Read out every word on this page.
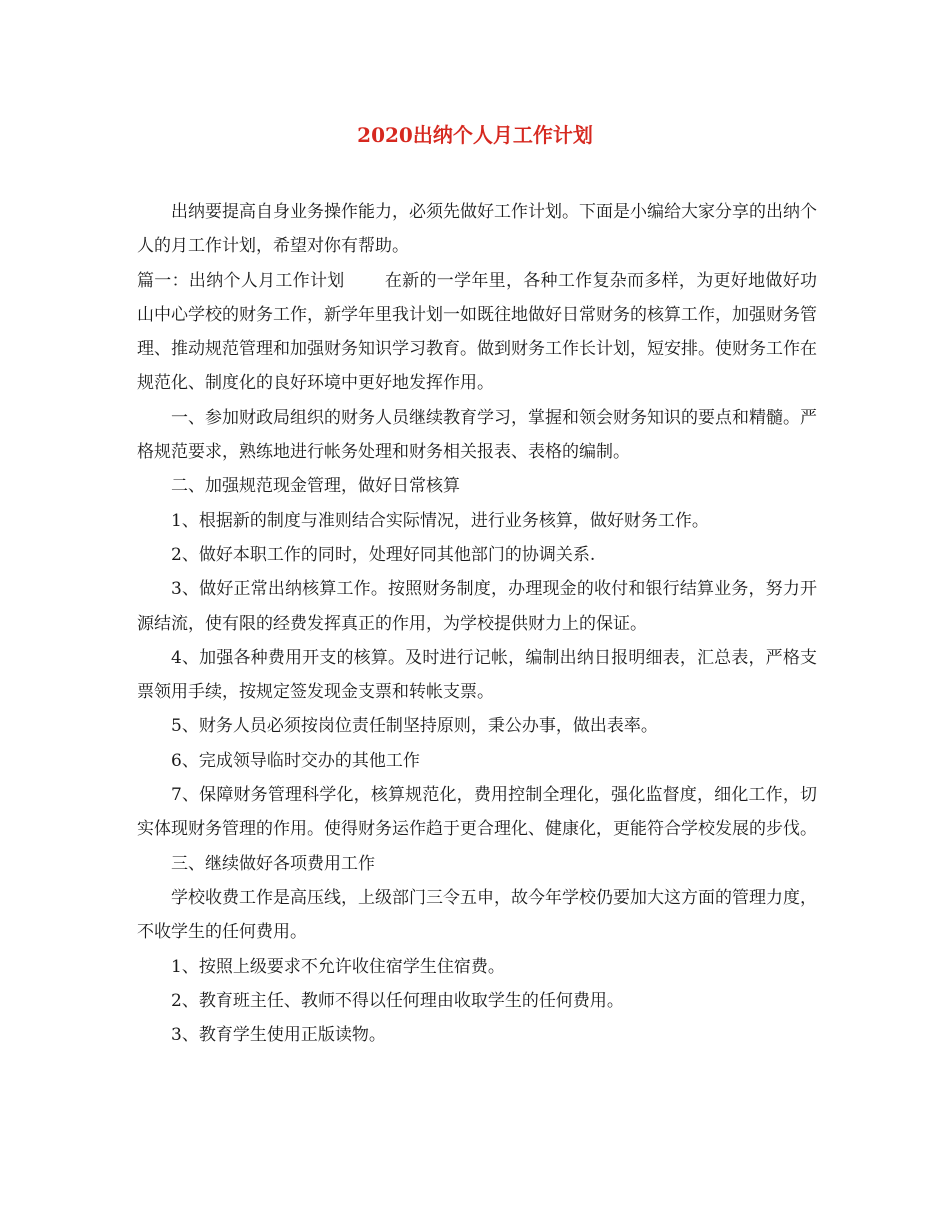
2020出纳个人月工作计划

出纳要提高自身业务操作能力，必须先做好工作计划。下面是小编给大家分享的出纳个人的月工作计划，希望对你有帮助。

篇一：出纳个人月工作计划 在新的一学年里，各种工作复杂而多样，为更好地做好功山中心学校的财务工作，新学年里我计划一如既往地做好日常财务的核算工作，加强财务管理、推动规范管理和加强财务知识学习教育。做到财务工作长计划，短安排。使财务工作在规范化、制度化的良好环境中更好地发挥作用。

一、参加财政局组织的财务人员继续教育学习，掌握和领会财务知识的要点和精髓。严格规范要求，熟练地进行帐务处理和财务相关报表、表格的编制。

二、加强规范现金管理，做好日常核算

1、根据新的制度与准则结合实际情况，进行业务核算，做好财务工作。

2、做好本职工作的同时，处理好同其他部门的协调关系.

3、做好正常出纳核算工作。按照财务制度，办理现金的收付和银行结算业务，努力开源结流，使有限的经费发挥真正的作用，为学校提供财力上的保证。

4、加强各种费用开支的核算。及时进行记帐，编制出纳日报明细表，汇总表，严格支票领用手续，按规定签发现金支票和转帐支票。

5、财务人员必须按岗位责任制坚持原则，秉公办事，做出表率。

6、完成领导临时交办的其他工作

7、保障财务管理科学化，核算规范化，费用控制全理化，强化监督度，细化工作，切实体现财务管理的作用。使得财务运作趋于更合理化、健康化，更能符合学校发展的步伐。

三、继续做好各项费用工作

学校收费工作是高压线，上级部门三令五申，故今年学校仍要加大这方面的管理力度，不收学生的任何费用。

1、按照上级要求不允许收住宿学生住宿费。

2、教育班主任、教师不得以任何理由收取学生的任何费用。

3、教育学生使用正版读物。
